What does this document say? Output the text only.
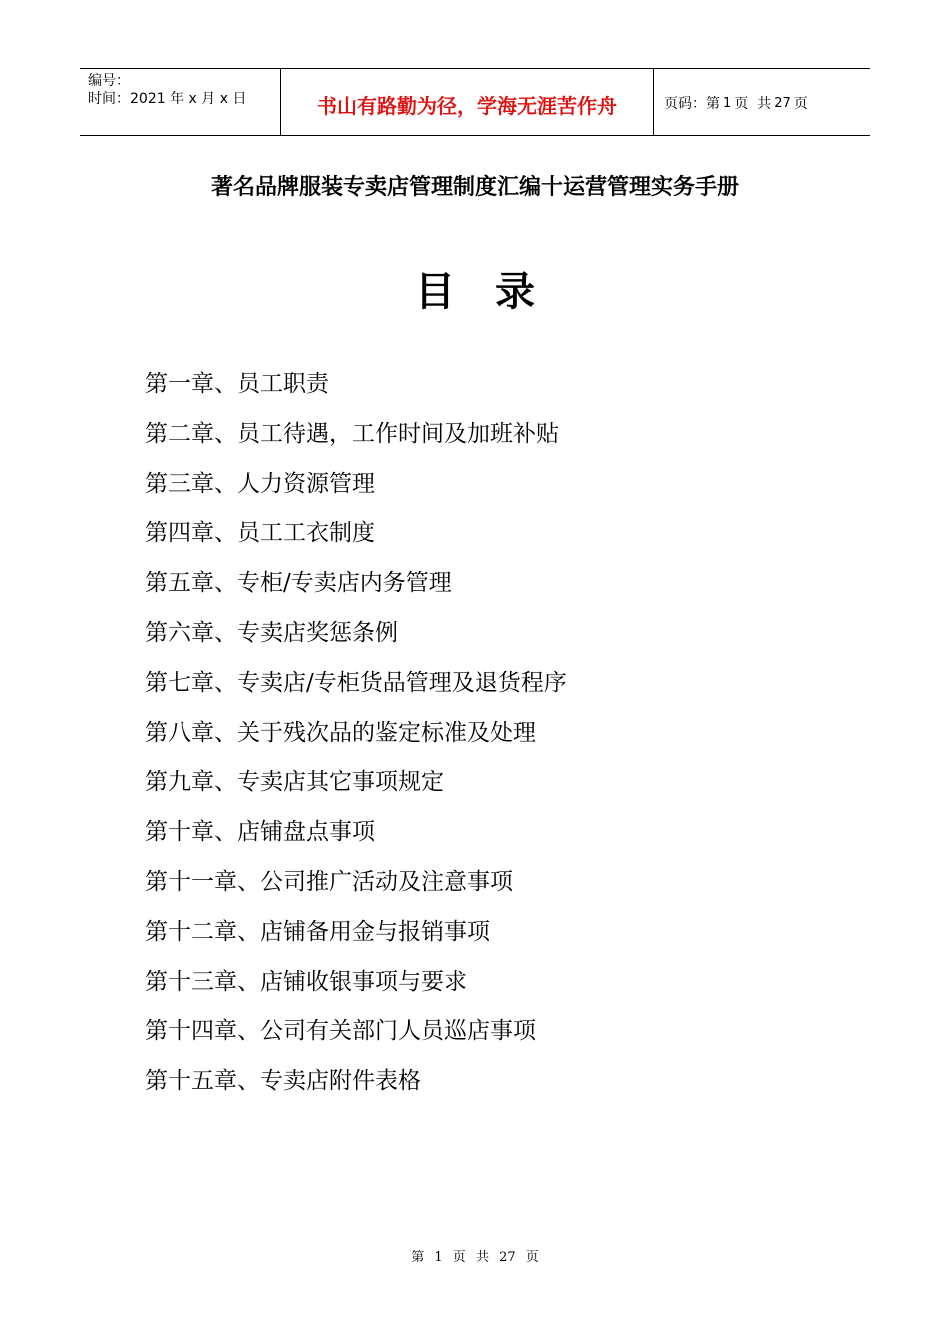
编号：
时间：2021 年 x 月 x 日	书山有路勤为径，学海无涯苦作舟	页码：第 1 页  共 27 页
著名品牌服装专卖店管理制度汇编十运营管理实务手册
目 录
第一章、员工职责
第二章、员工待遇，工作时间及加班补贴
第三章、人力资源管理
第四章、员工工衣制度
第五章、专柜/专卖店内务管理
第六章、专卖店奖惩条例
第七章、专卖店/专柜货品管理及退货程序
第八章、关于残次品的鉴定标准及处理
第九章、专卖店其它事项规定
第十章、店铺盘点事项
第十一章、公司推广活动及注意事项
第十二章、店铺备用金与报销事项
第十三章、店铺收银事项与要求
第十四章、公司有关部门人员巡店事项
第十五章、专卖店附件表格
第 1 页 共 27 页
